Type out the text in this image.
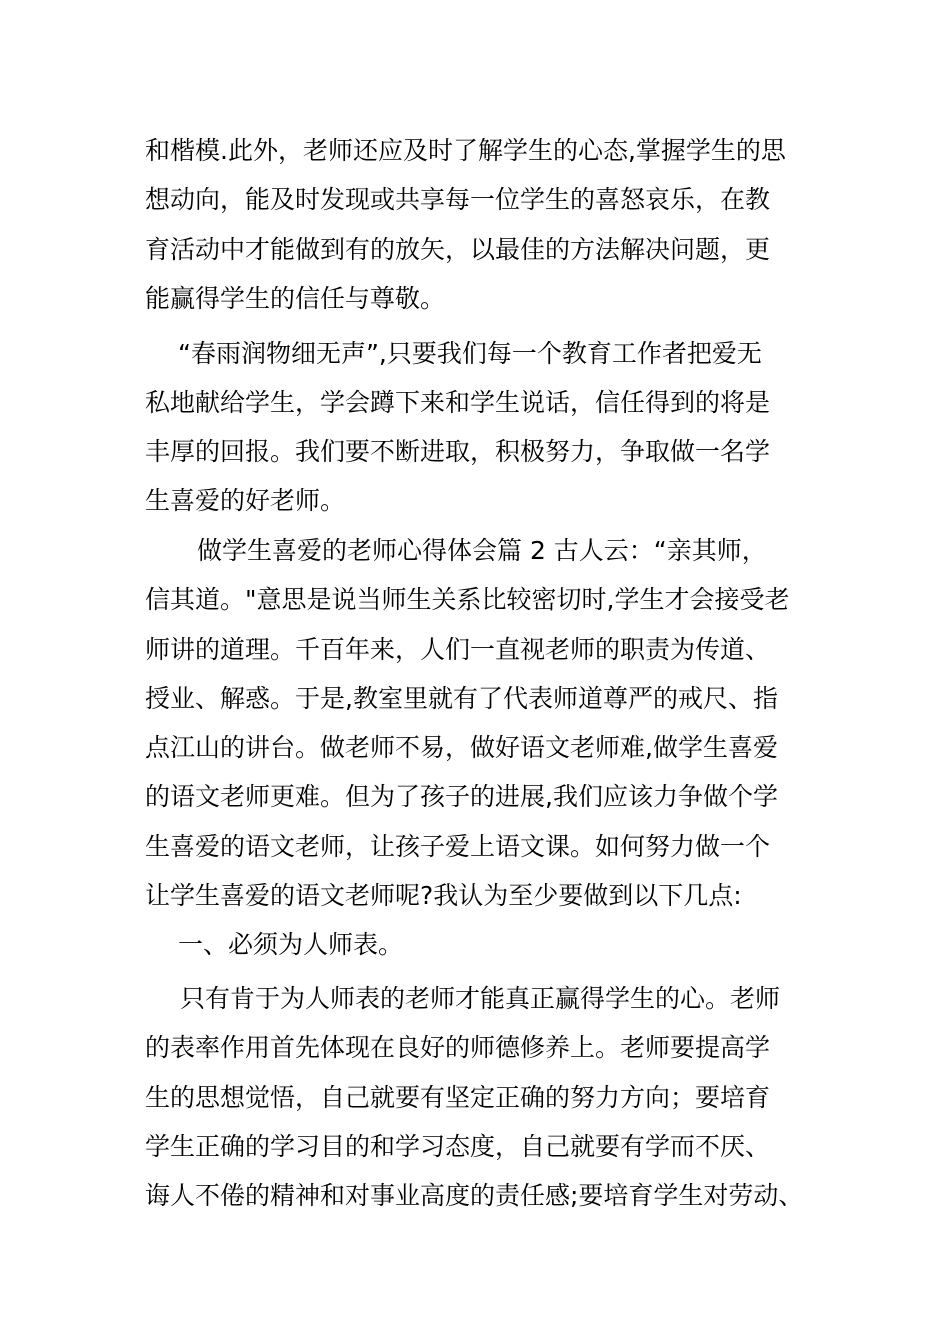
和楷模.此外，老师还应及时了解学生的心态,掌握学生的思
想动向，能及时发现或共享每一位学生的喜怒哀乐，在教
育活动中才能做到有的放矢，以最佳的方法解决问题，更
能赢得学生的信任与尊敬。
“春雨润物细无声”,只要我们每一个教育工作者把爱无
私地献给学生，学会蹲下来和学生说话，信任得到的将是
丰厚的回报。我们要不断进取，积极努力，争取做一名学
生喜爱的好老师。
做学生喜爱的老师心得体会篇 2 古人云：“亲其师，
信其道。"意思是说当师生关系比较密切时,学生才会接受老
师讲的道理。千百年来，人们一直视老师的职责为传道、
授业、解惑。于是,教室里就有了代表师道尊严的戒尺、指
点江山的讲台。做老师不易，做好语文老师难,做学生喜爱
的语文老师更难。但为了孩子的进展,我们应该力争做个学
生喜爱的语文老师，让孩子爱上语文课。如何努力做一个
让学生喜爱的语文老师呢?我认为至少要做到以下几点:
一、必须为人师表。
只有肯于为人师表的老师才能真正赢得学生的心。老师
的表率作用首先体现在良好的师德修养上。老师要提高学
生的思想觉悟，自己就要有坚定正确的努力方向；要培育
学生正确的学习目的和学习态度，自己就要有学而不厌、
诲人不倦的精神和对事业高度的责任感;要培育学生对劳动、
